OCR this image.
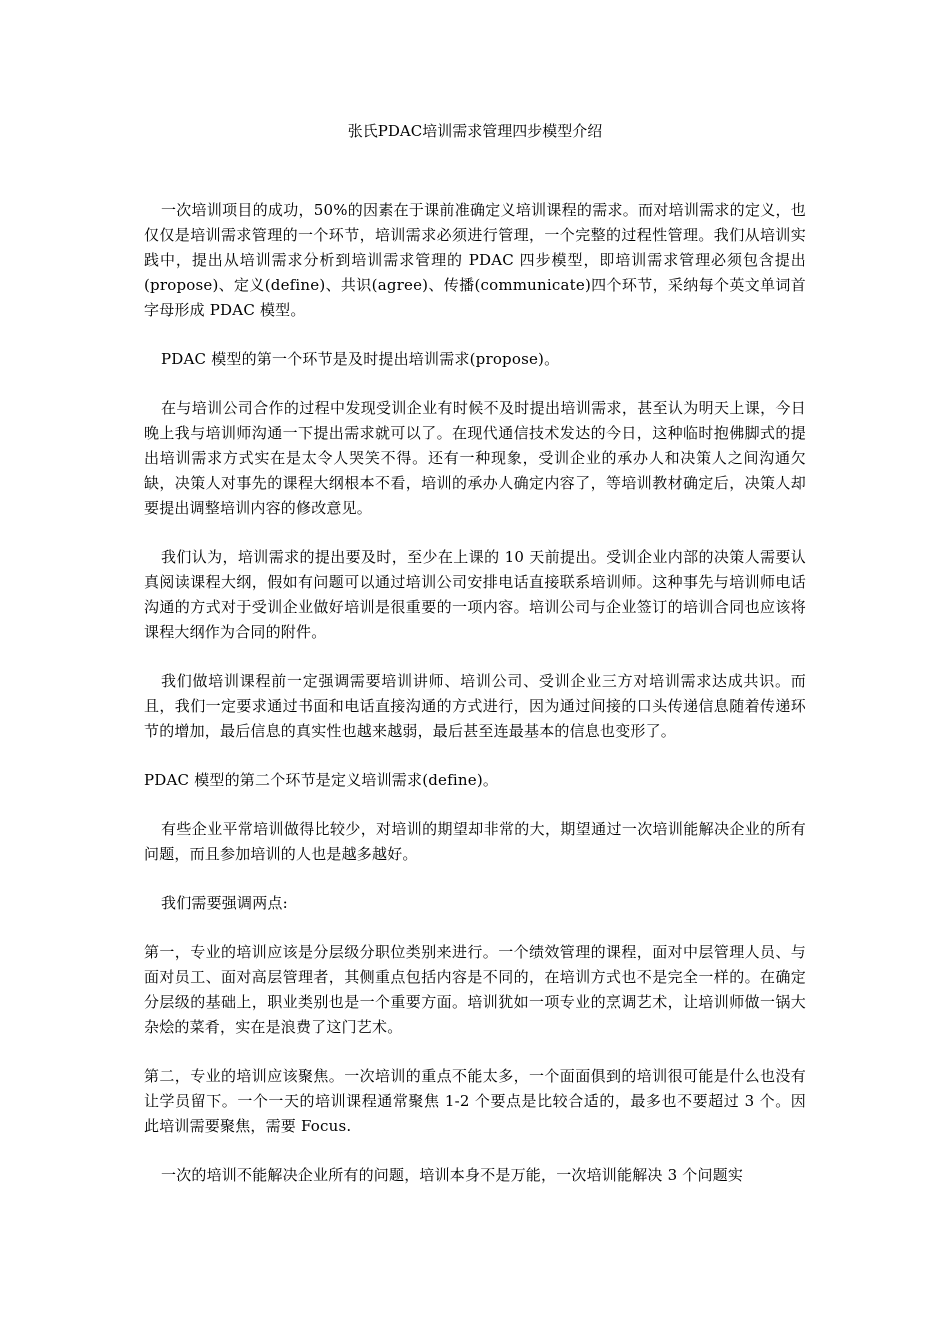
张氏PDAC培训需求管理四步模型介绍

一次培训项目的成功，50%的因素在于课前准确定义培训课程的需求。而对培训需求的定义，也仅仅是培训需求管理的一个环节，培训需求必须进行管理，一个完整的过程性管理。我们从培训实践中，提出从培训需求分析到培训需求管理的 PDAC 四步模型，即培训需求管理必须包含提出(propose)、定义(define)、共识(agree)、传播(communicate)四个环节，采纳每个英文单词首字母形成 PDAC 模型。

PDAC 模型的第一个环节是及时提出培训需求(propose)。

在与培训公司合作的过程中发现受训企业有时候不及时提出培训需求，甚至认为明天上课，今日晚上我与培训师沟通一下提出需求就可以了。在现代通信技术发达的今日，这种临时抱佛脚式的提出培训需求方式实在是太令人哭笑不得。还有一种现象，受训企业的承办人和决策人之间沟通欠缺，决策人对事先的课程大纲根本不看，培训的承办人确定内容了，等培训教材确定后，决策人却要提出调整培训内容的修改意见。

我们认为，培训需求的提出要及时，至少在上课的 10 天前提出。受训企业内部的决策人需要认真阅读课程大纲，假如有问题可以通过培训公司安排电话直接联系培训师。这种事先与培训师电话沟通的方式对于受训企业做好培训是很重要的一项内容。培训公司与企业签订的培训合同也应该将课程大纲作为合同的附件。

我们做培训课程前一定强调需要培训讲师、培训公司、受训企业三方对培训需求达成共识。而且，我们一定要求通过书面和电话直接沟通的方式进行，因为通过间接的口头传递信息随着传递环节的增加，最后信息的真实性也越来越弱，最后甚至连最基本的信息也变形了。

PDAC 模型的第二个环节是定义培训需求(define)。

有些企业平常培训做得比较少，对培训的期望却非常的大，期望通过一次培训能解决企业的所有问题，而且参加培训的人也是越多越好。

我们需要强调两点:

第一，专业的培训应该是分层级分职位类别来进行。一个绩效管理的课程，面对中层管理人员、与面对员工、面对高层管理者，其侧重点包括内容是不同的，在培训方式也不是完全一样的。在确定分层级的基础上，职业类别也是一个重要方面。培训犹如一项专业的烹调艺术，让培训师做一锅大杂烩的菜肴，实在是浪费了这门艺术。

第二，专业的培训应该聚焦。一次培训的重点不能太多，一个面面俱到的培训很可能是什么也没有让学员留下。一个一天的培训课程通常聚焦 1-2 个要点是比较合适的，最多也不要超过 3 个。因此培训需要聚焦，需要 Focus.

一次的培训不能解决企业所有的问题，培训本身不是万能，一次培训能解决 3 个问题实
